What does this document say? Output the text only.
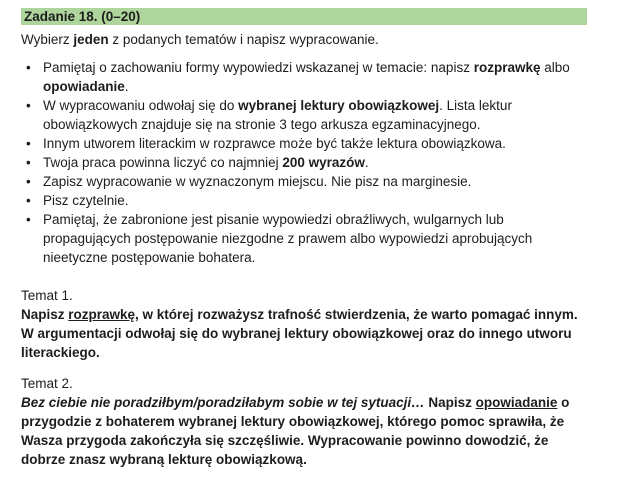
Zadanie 18. (0–20)

Wybierz jeden z podanych tematów i napisz wypracowanie.

• Pamiętaj o zachowaniu formy wypowiedzi wskazanej w temacie: napisz rozprawkę albo opowiadanie.
• W wypracowaniu odwołaj się do wybranej lektury obowiązkowej. Lista lektur obowiązkowych znajduje się na stronie 3 tego arkusza egzaminacyjnego.
• Innym utworem literackim w rozprawce może być także lektura obowiązkowa.
• Twoja praca powinna liczyć co najmniej 200 wyrazów.
• Zapisz wypracowanie w wyznaczonym miejscu. Nie pisz na marginesie.
• Pisz czytelnie.
• Pamiętaj, że zabronione jest pisanie wypowiedzi obraźliwych, wulgarnych lub propagujących postępowanie niezgodne z prawem albo wypowiedzi aprobujących nieetyczne postępowanie bohatera.

Temat 1.

Napisz rozprawkę, w której rozważysz trafność stwierdzenia, że warto pomagać innym. W argumentacji odwołaj się do wybranej lektury obowiązkowej oraz do innego utworu literackiego.

Temat 2.

Bez ciebie nie poradziłbym/poradziłabym sobie w tej sytuacji… Napisz opowiadanie o przygodzie z bohaterem wybranej lektury obowiązkowej, którego pomoc sprawiła, że Wasza przygoda zakończyła się szczęśliwie. Wypracowanie powinno dowodzić, że dobrze znasz wybraną lekturę obowiązkową.
